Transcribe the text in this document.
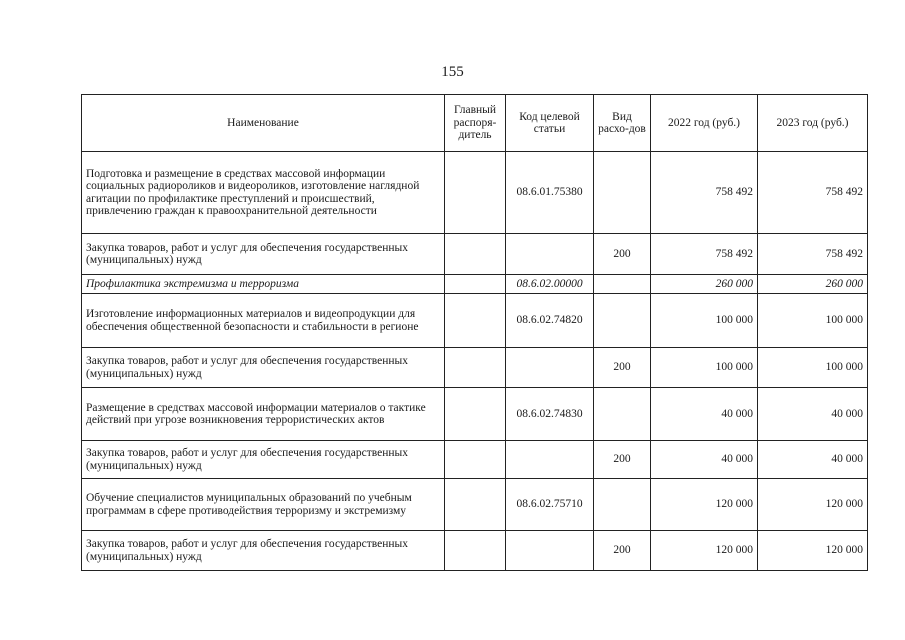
155
Наименование	Главный распоря-дитель	Код целевой статьи	Вид расхо-дов	2022 год (руб.)	2023 год (руб.)
Подготовка и размещение в средствах массовой информации социальных радиороликов и видеороликов, изготовление наглядной агитации по профилактике преступлений и происшествий, привлечению граждан к правоохранительной деятельности		08.6.01.75380		758 492	758 492
Закупка товаров, работ и услуг для обеспечения государственных (муниципальных) нужд			200	758 492	758 492
Профилактика экстремизма и терроризма		08.6.02.00000		260 000	260 000
Изготовление информационных материалов и видеопродукции для обеспечения общественной безопасности и стабильности в регионе		08.6.02.74820		100 000	100 000
Закупка товаров, работ и услуг для обеспечения государственных (муниципальных) нужд			200	100 000	100 000
Размещение в средствах массовой информации материалов о тактике действий при угрозе возникновения террористических актов		08.6.02.74830		40 000	40 000
Закупка товаров, работ и услуг для обеспечения государственных (муниципальных) нужд			200	40 000	40 000
Обучение специалистов муниципальных образований по учебным программам в сфере противодействия терроризму и экстремизму		08.6.02.75710		120 000	120 000
Закупка товаров, работ и услуг для обеспечения государственных (муниципальных) нужд			200	120 000	120 000
